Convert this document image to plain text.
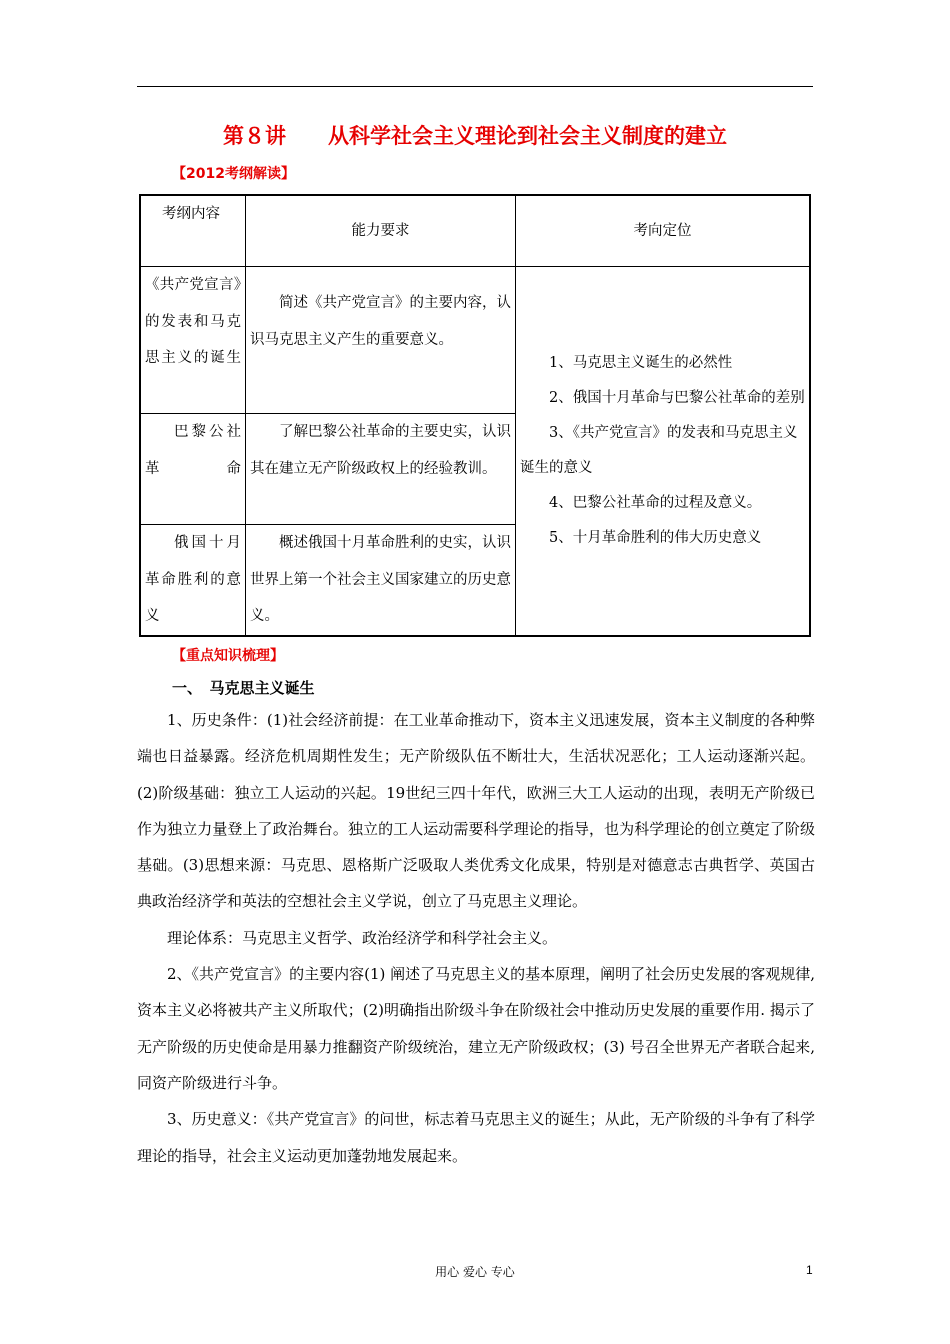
第８讲　　从科学社会主义理论到社会主义制度的建立
【2012考纲解读】
考纲内容	能力要求	考向定位

《共产党宣言》的发表和马克思主义的诞生	简述《共产党宣言》的主要内容，认识马克思主义产生的重要意义。	1、马克思主义诞生的必然性
2、俄国十月革命与巴黎公社革命的差别
3、《共产党宣言》的发表和马克思主义诞生的意义
4、巴黎公社革命的过程及意义。
5、十月革命胜利的伟大历史意义

巴黎公社革命	了解巴黎公社革命的主要史实，认识其在建立无产阶级政权上的经验教训。	

俄国十月革命胜利的意义	概述俄国十月革命胜利的史实，认识世界上第一个社会主义国家建立的历史意义。	
【重点知识梳理】
一、　马克思主义诞生

1、历史条件：(1)社会经济前提：在工业革命推动下，资本主义迅速发展，资本主义制度的各种弊端也日益暴露。经济危机周期性发生；无产阶级队伍不断壮大，生活状况恶化；工人运动逐渐兴起。(2)阶级基础：独立工人运动的兴起。19世纪三四十年代，欧洲三大工人运动的出现，表明无产阶级已作为独立力量登上了政治舞台。独立的工人运动需要科学理论的指导，也为科学理论的创立奠定了阶级基础。(3)思想来源：马克思、恩格斯广泛吸取人类优秀文化成果，特别是对德意志古典哲学、英国古典政治经济学和英法的空想社会主义学说，创立了马克思主义理论。

理论体系：马克思主义哲学、政治经济学和科学社会主义。

2、《共产党宣言》的主要内容(1) 阐述了马克思主义的基本原理，阐明了社会历史发展的客观规律,资本主义必将被共产主义所取代；(2)明确指出阶级斗争在阶级社会中推动历史发展的重要作用. 揭示了无产阶级的历史使命是用暴力推翻资产阶级统治，建立无产阶级政权；(3) 号召全世界无产者联合起来,同资产阶级进行斗争。

3、历史意义：《共产党宣言》的问世，标志着马克思主义的诞生；从此，无产阶级的斗争有了科学理论的指导，社会主义运动更加蓬勃地发展起来。

用心 爱心 专心	1
